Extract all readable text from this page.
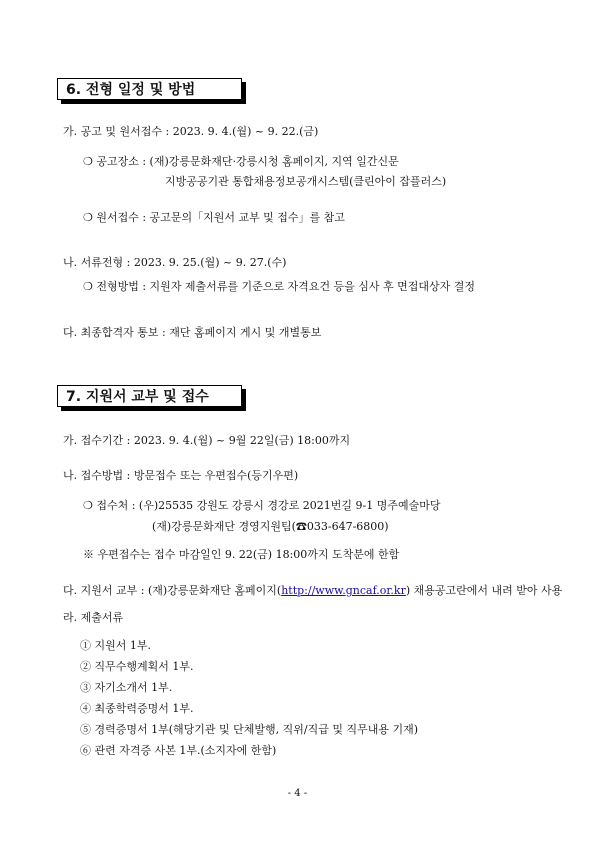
6. 전형 일정 및 방법
가. 공고 및 원서접수 : 2023. 9. 4.(월) ~ 9. 22.(금)
❍ 공고장소 : (재)강릉문화재단·강릉시청 홈페이지, 지역 일간신문
지방공공기관 통합채용정보공개시스템(클린아이 잡플러스)
❍ 원서접수 : 공고문의「지원서 교부 및 접수」를 참고
나. 서류전형 : 2023. 9. 25.(월) ~ 9. 27.(수)
❍ 전형방법 : 지원자 제출서류를 기준으로 자격요건 등을 심사 후 면접대상자 결정
다. 최종합격자 통보 : 재단 홈페이지 게시 및 개별통보
7. 지원서 교부 및 접수
가. 접수기간 : 2023. 9. 4.(월) ~ 9월 22일(금) 18:00까지
나. 접수방법 : 방문접수 또는 우편접수(등기우편)
❍ 접수처 : (우)25535 강원도 강릉시 경강로 2021번길 9-1 명주예술마당
(재)강릉문화재단 경영지원팀(☎033-647-6800)
※ 우편접수는 접수 마감일인 9. 22(금) 18:00까지 도착분에 한함
다. 지원서 교부 : (재)강릉문화재단 홈페이지(http://www.gncaf.or.kr) 채용공고란에서 내려 받아 사용
라. 제출서류
① 지원서 1부.
② 직무수행계획서 1부.
③ 자기소개서 1부.
④ 최종학력증명서 1부.
⑤ 경력증명서 1부(해당기관 및 단체발행, 직위/직급 및 직무내용 기재)
⑥ 관련 자격증 사본 1부.(소지자에 한함)
- 4 -
